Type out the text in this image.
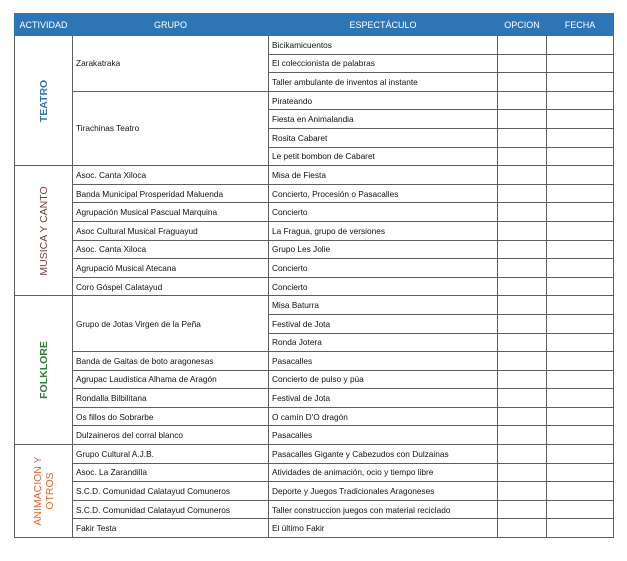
ACTIVIDAD	GRUPO	ESPECTÁCULO	OPCION	FECHA

TEATRO	Zarakatraka	Bicikamicuentos		
		El coleccionista de palabras		
		Taller ambulante de inventos al instante		
	Tirachinas Teatro	Pirateando		
		Fiesta en Animalandia		
		Rosita Cabaret		
		Le petit bombon de Cabaret		

MUSICA Y CANTO	Asoc. Canta Xiloca	Misa de Fiesta		
	Banda Municipal Prosperidad Maluenda	Concierto, Procesión o Pasacalles		
	Agrupación Musical Pascual Marquina	Concierto		
	Asoc Cultural Musical Fraguayud	La Fragua, grupo de versiones		
	Asoc. Canta Xiloca	Grupo Les Jolie		
	Agrupació Musical Atecana	Concierto		
	Coro Góspel Calatayud	Concierto		

FOLKLORE	Grupo de Jotas Virgen de la Peña	Misa Baturra		
		Festival de Jota		
		Ronda Jotera		
	Banda de Gaitas de boto aragonesas	Pasacalles		
	Agrupac Laudistica Alhama de Aragón	Concierto de pulso y púa		
	Rondalla Bilbilitana	Festival de Jota		
	Os fillos do Sobrarbe	O camín D'O dragón		
	Dulzaineros del corral blanco	Pasacalles		

ANIMACION Y OTROS	Grupo Cultural A.J.B.	Pasacalles Gigante y Cabezudos con Dulzainas		
	Asoc. La Zarandilla	Atividades de animación, ocio y tiempo libre		
	S.C.D. Comunidad Calatayud Comuneros	Deporte y Juegos Tradicionales Aragoneses		
	S.C.D. Comunidad Calatayud Comuneros	Taller construccion juegos con material reciclado		
	Fakir Testa	El último Fakir		
